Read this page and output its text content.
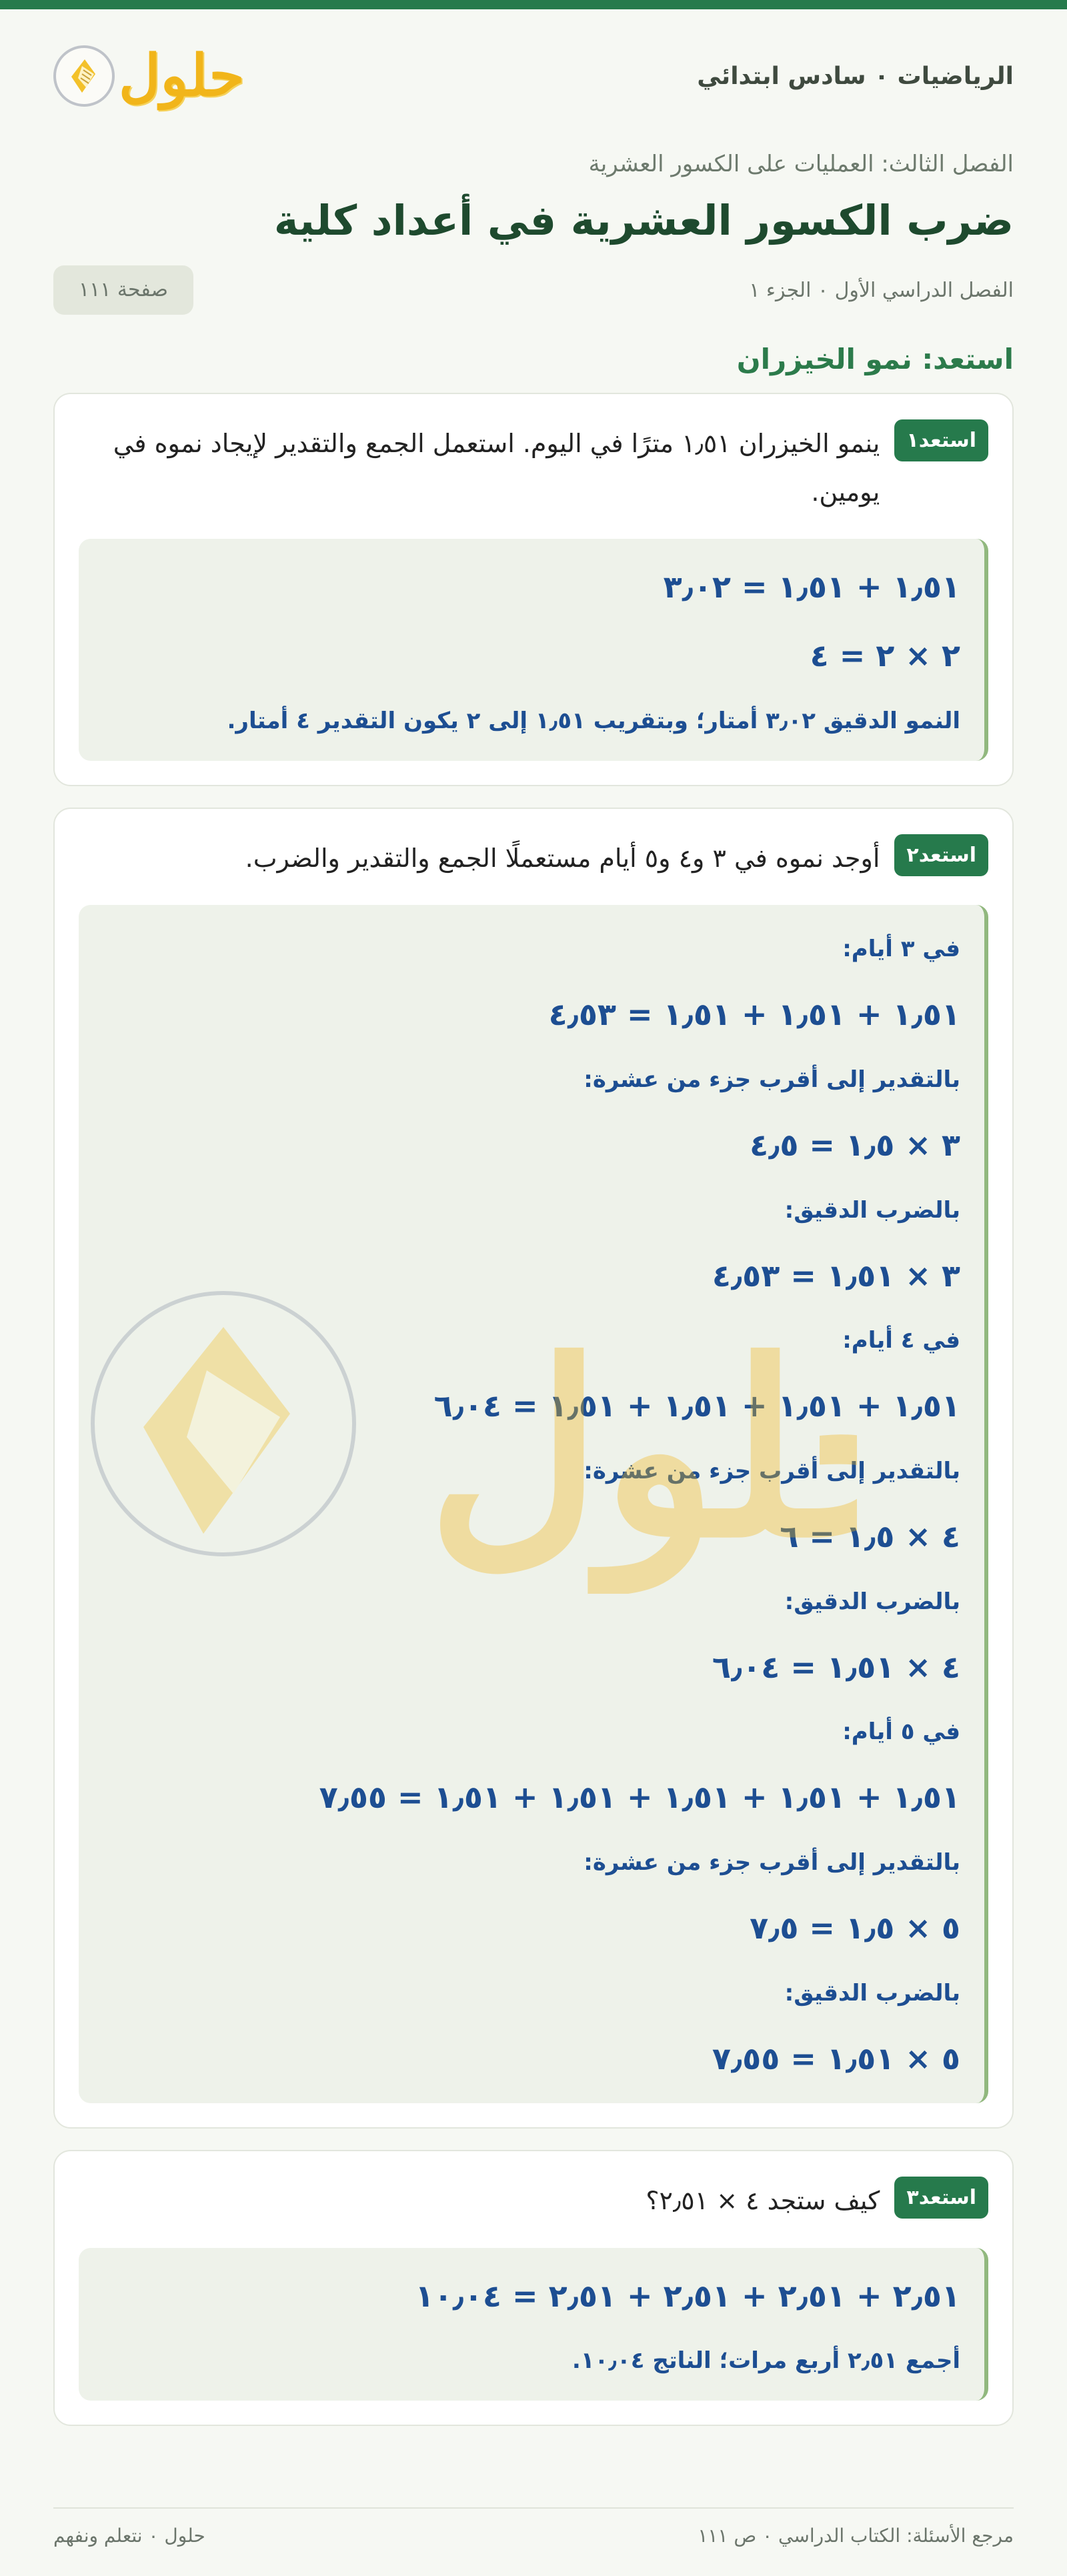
الرياضيات ٠ سادس ابتدائي
حلول
الفصل الثالث: العمليات على الكسور العشرية
ضرب الكسور العشرية في أعداد كلية
الفصل الدراسي الأول ٠ الجزء ١
صفحة ١١١
استعد: نمو الخيزران
استعد١

ينمو الخيزران ١٫٥١ مترًا في اليوم. استعمل الجمع والتقدير لإيجاد نموه في يومين.

١٫٥١ + ١٫٥١ = ٣٫٠٢
٢ × ٢ = ٤
النمو الدقيق ٣٫٠٢ أمتار؛ وبتقريب ١٫٥١ إلى ٢ يكون التقدير ٤ أمتار.
استعد٢

أوجد نموه في ٣ و٤ و٥ أيام مستعملًا الجمع والتقدير والضرب.

في ٣ أيام:
١٫٥١ + ١٫٥١ + ١٫٥١ = ٤٫٥٣
بالتقدير إلى أقرب جزء من عشرة:
٣ × ١٫٥ = ٤٫٥
بالضرب الدقيق:
٣ × ١٫٥١ = ٤٫٥٣
في ٤ أيام:
١٫٥١ + ١٫٥١ + ١٫٥١ + ١٫٥١ = ٦٫٠٤
بالتقدير إلى أقرب جزء من عشرة:
٤ × ١٫٥ = ٦
بالضرب الدقيق:
٤ × ١٫٥١ = ٦٫٠٤
في ٥ أيام:
١٫٥١ + ١٫٥١ + ١٫٥١ + ١٫٥١ + ١٫٥١ = ٧٫٥٥
بالتقدير إلى أقرب جزء من عشرة:
٥ × ١٫٥ = ٧٫٥
بالضرب الدقيق:
٥ × ١٫٥١ = ٧٫٥٥
استعد٣

كيف ستجد ٤ × ٢٫٥١؟

٢٫٥١ + ٢٫٥١ + ٢٫٥١ + ٢٫٥١ = ١٠٫٠٤
أجمع ٢٫٥١ أربع مرات؛ الناتج ١٠٫٠٤.
لول
مرجع الأسئلة: الكتاب الدراسي ٠ ص ١١١
حلول ٠ نتعلم ونفهم
